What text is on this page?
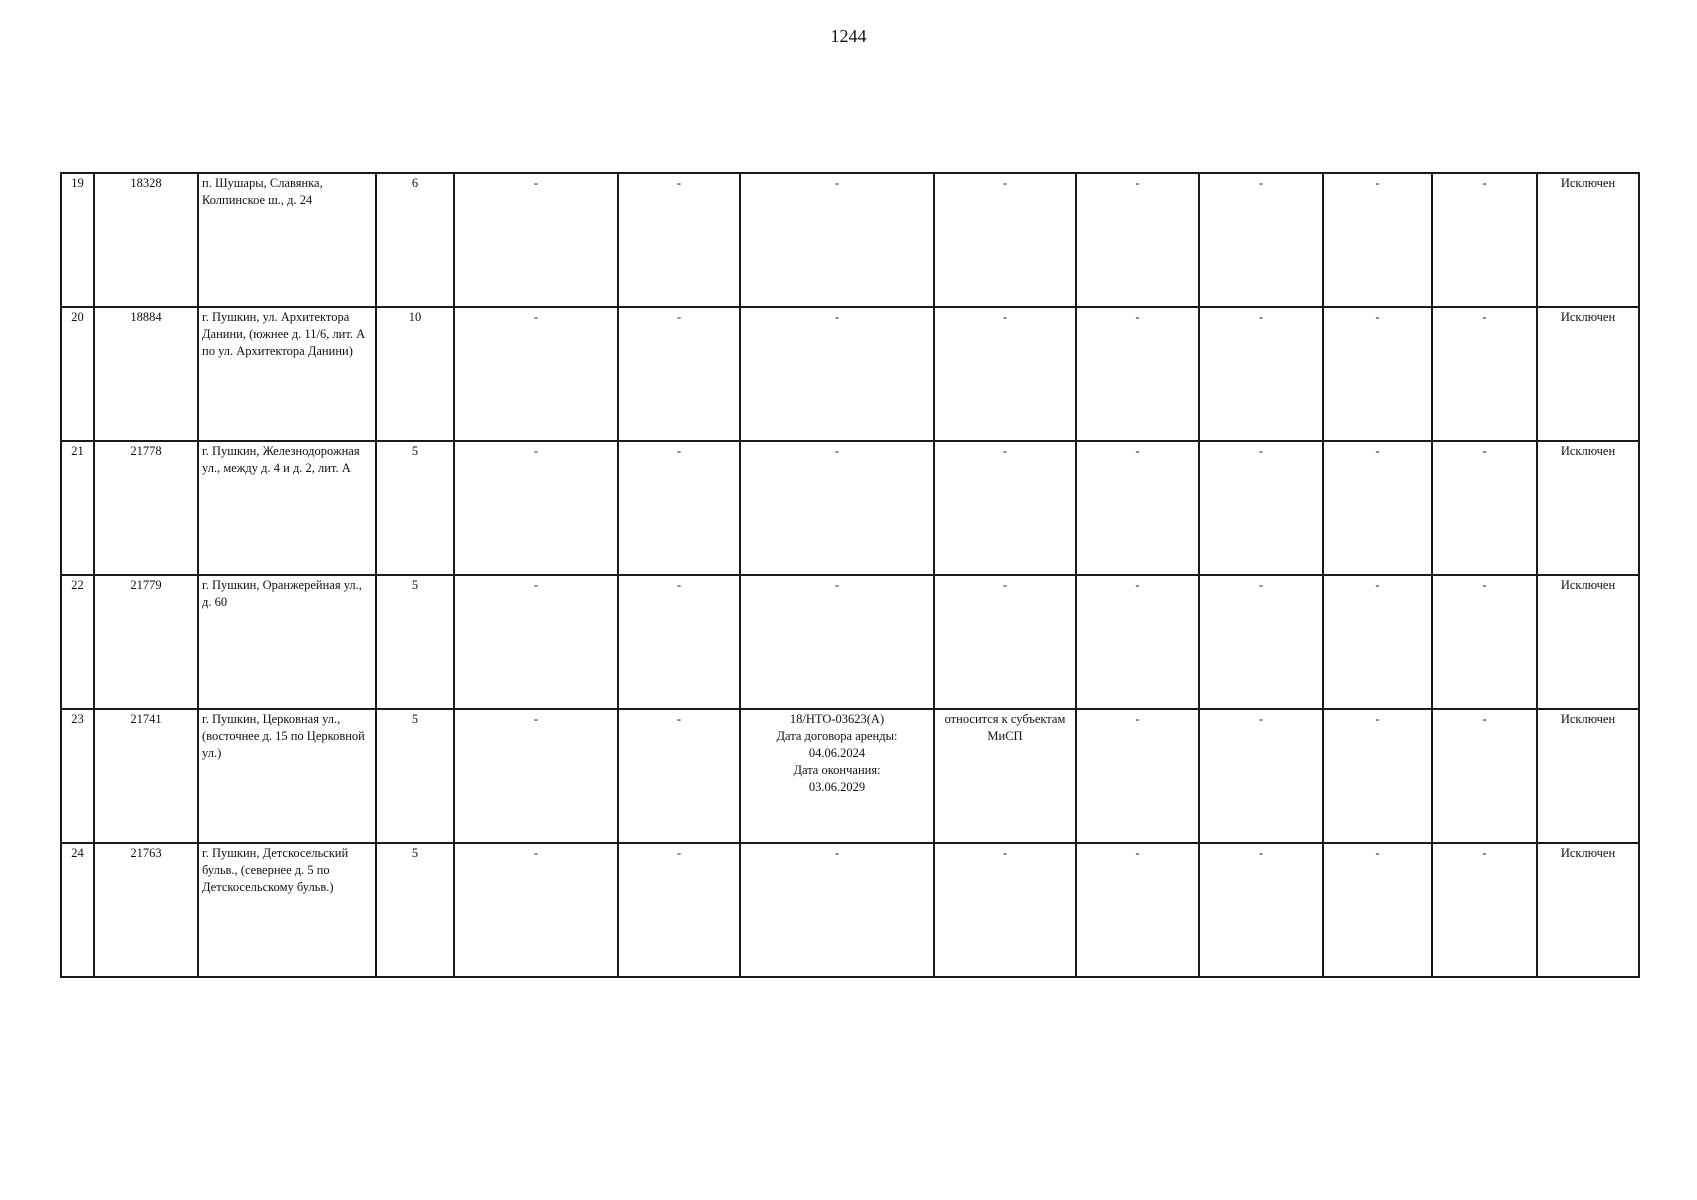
1244
19	18328	п. Шушары, Славянка, Колпинское ш., д. 24	6	-	-	-	-	-	-	-	-	Исключен
20	18884	г. Пушкин, ул. Архитектора Данини, (южнее д. 11/6, лит. А по ул. Архитектора Данини)	10	-	-	-	-	-	-	-	-	Исключен
21	21778	г. Пушкин, Железнодорожная ул., между д. 4 и д. 2, лит. А	5	-	-	-	-	-	-	-	-	Исключен
22	21779	г. Пушкин, Оранжерейная ул., д. 60	5	-	-	-	-	-	-	-	-	Исключен
23	21741	г. Пушкин, Церковная ул., (восточнее д. 15 по Церковной ул.)	5	-	-	18/НТО-03623(А)
Дата договора аренды:
04.06.2024
Дата окончания:
03.06.2029	относится к субъектам МиСП	-	-	-	-	Исключен
24	21763	г. Пушкин, Детскосельский бульв., (севернее д. 5 по Детскосельскому бульв.)	5	-	-	-	-	-	-	-	-	Исключен
